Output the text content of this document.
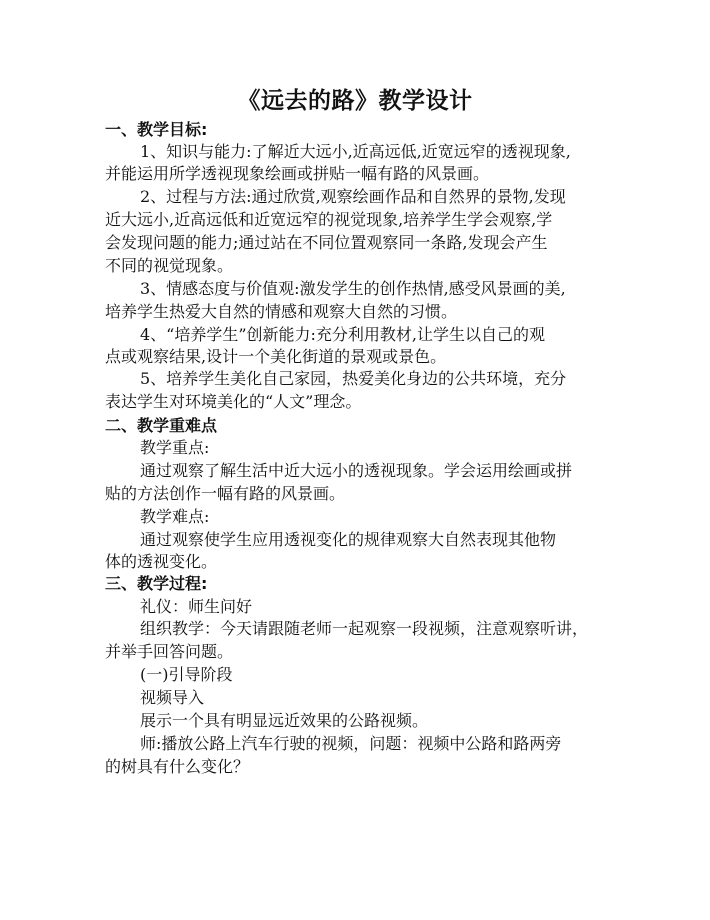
《远去的路》教学设计
一、教学目标:
1、知识与能力:了解近大远小,近高远低,近宽远窄的透视现象,
并能运用所学透视现象绘画或拼贴一幅有路的风景画。
2、过程与方法:通过欣赏,观察绘画作品和自然界的景物,发现
近大远小,近高远低和近宽远窄的视觉现象,培养学生学会观察,学
会发现问题的能力;通过站在不同位置观察同一条路,发现会产生
不同的视觉现象。
3、情感态度与价值观:激发学生的创作热情,感受风景画的美,
培养学生热爱大自然的情感和观察大自然的习惯。
4、“培养学生”创新能力:充分利用教材,让学生以自己的观
点或观察结果,设计一个美化街道的景观或景色。
5、培养学生美化自己家园，热爱美化身边的公共环境，充分
表达学生对环境美化的“人文”理念。
二、教学重难点
教学重点:
通过观察了解生活中近大远小的透视现象。学会运用绘画或拼
贴的方法创作一幅有路的风景画。
教学难点:
通过观察使学生应用透视变化的规律观察大自然表现其他物
体的透视变化。
三、教学过程:
礼仪：师生问好
组织教学：今天请跟随老师一起观察一段视频，注意观察听讲，
并举手回答问题。
(一)引导阶段
视频导入
展示一个具有明显远近效果的公路视频。
师:播放公路上汽车行驶的视频，问题：视频中公路和路两旁
的树具有什么变化？
